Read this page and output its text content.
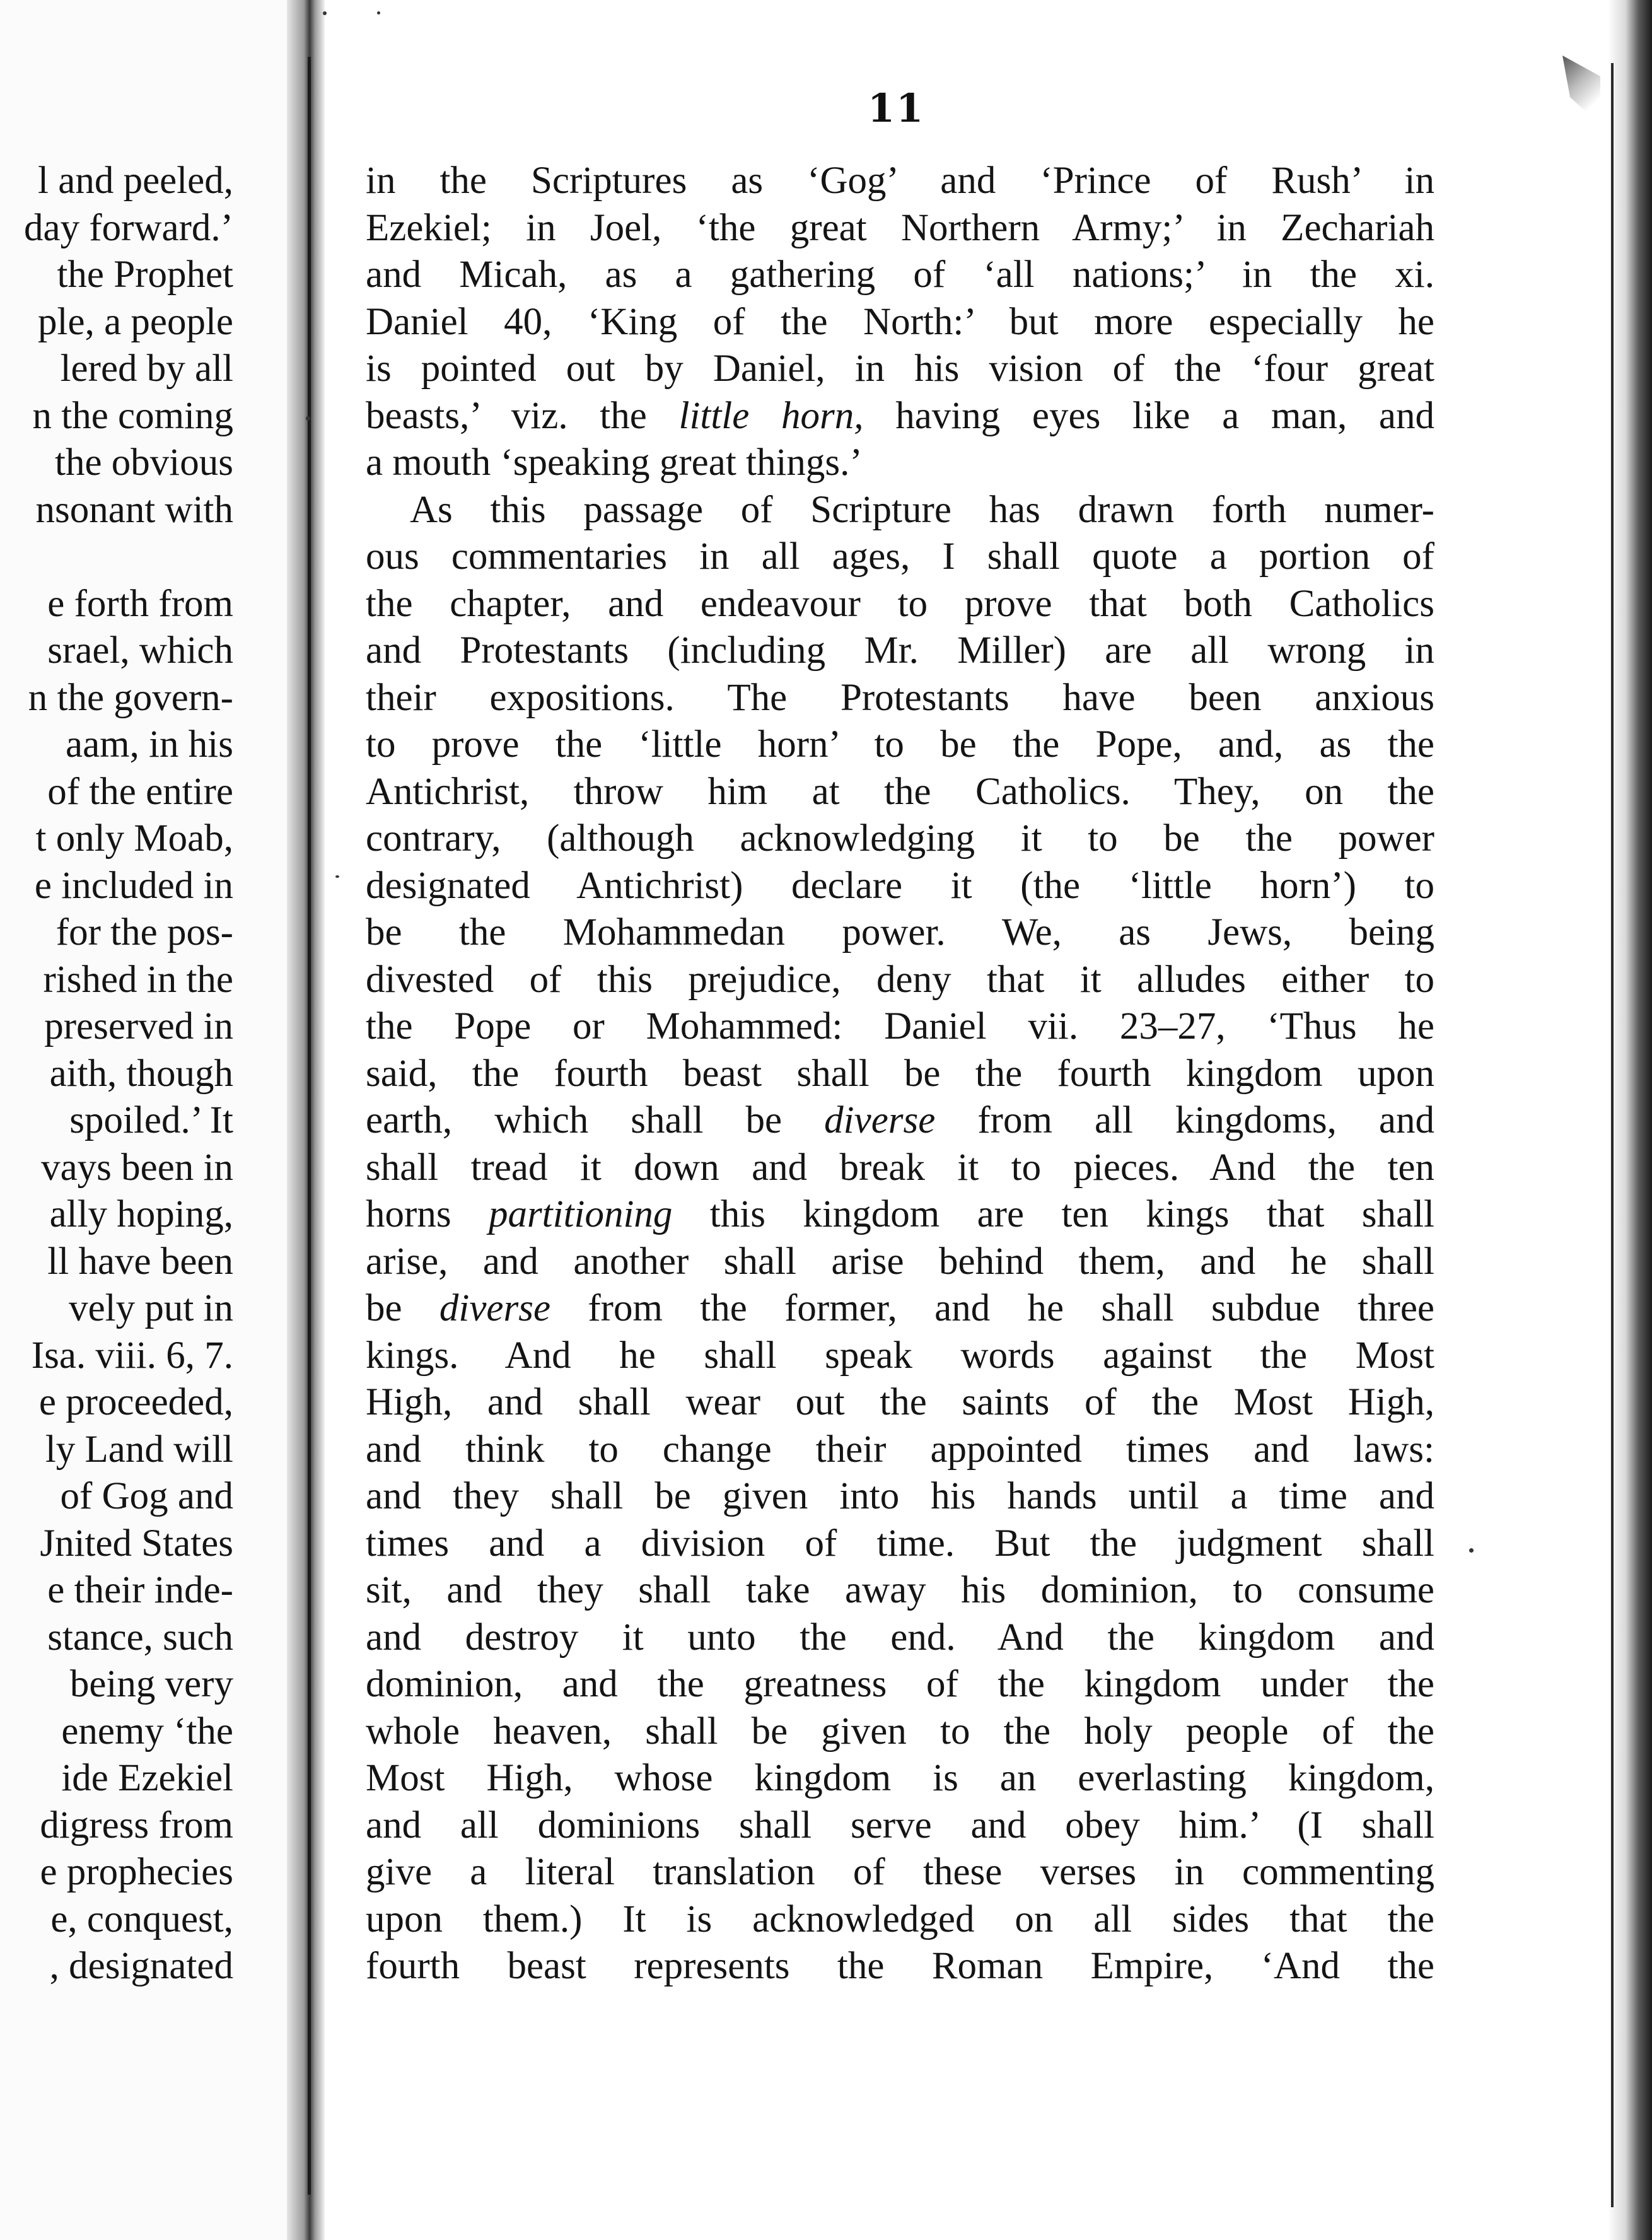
l and peeled,
day forward.’
the Prophet
ple, a people
lered by all
n the coming
the obvious
nsonant with

e forth from
srael, which
n the govern-
aam, in his
of the entire
t only Moab,
e included in
for the pos-
rished in the
preserved in
aith, though
spoiled.’ It
vays been in
ally hoping,
ll have been
vely put in
Isa. viii. 6, 7.
e proceeded,
ly Land will
of Gog and
Jnited States
e their inde-
stance, such
being very
enemy ‘the
ide Ezekiel
digress from
e prophecies
e, conquest,
, designated
11
in the Scriptures as ‘Gog’ and ‘Prince of Rush’ in
Ezekiel; in Joel, ‘the great Northern Army;’ in Zechariah
and Micah, as a gathering of ‘all nations;’ in the xi.
Daniel 40, ‘King of the North:’ but more especially he
is pointed out by Daniel, in his vision of the ‘four great
beasts,’ viz. the little horn, having eyes like a man, and
a mouth ‘speaking great things.’
As this passage of Scripture has drawn forth numer-
ous commentaries in all ages, I shall quote a portion of
the chapter, and endeavour to prove that both Catholics
and Protestants (including Mr. Miller) are all wrong in
their expositions. The Protestants have been anxious
to prove the ‘little horn’ to be the Pope, and, as the
Antichrist, throw him at the Catholics. They, on the
contrary, (although acknowledging it to be the power
designated Antichrist) declare it (the ‘little horn’) to
be the Mohammedan power. We, as Jews, being
divested of this prejudice, deny that it alludes either to
the Pope or Mohammed: Daniel vii. 23–27, ‘Thus he
said, the fourth beast shall be the fourth kingdom upon
earth, which shall be diverse from all kingdoms, and
shall tread it down and break it to pieces. And the ten
horns partitioning this kingdom are ten kings that shall
arise, and another shall arise behind them, and he shall
be diverse from the former, and he shall subdue three
kings. And he shall speak words against the Most
High, and shall wear out the saints of the Most High,
and think to change their appointed times and laws:
and they shall be given into his hands until a time and
times and a division of time. But the judgment shall
sit, and they shall take away his dominion, to consume
and destroy it unto the end. And the kingdom and
dominion, and the greatness of the kingdom under the
whole heaven, shall be given to the holy people of the
Most High, whose kingdom is an everlasting kingdom,
and all dominions shall serve and obey him.’ (I shall
give a literal translation of these verses in commenting
upon them.) It is acknowledged on all sides that the
fourth beast represents the Roman Empire, ‘And the
